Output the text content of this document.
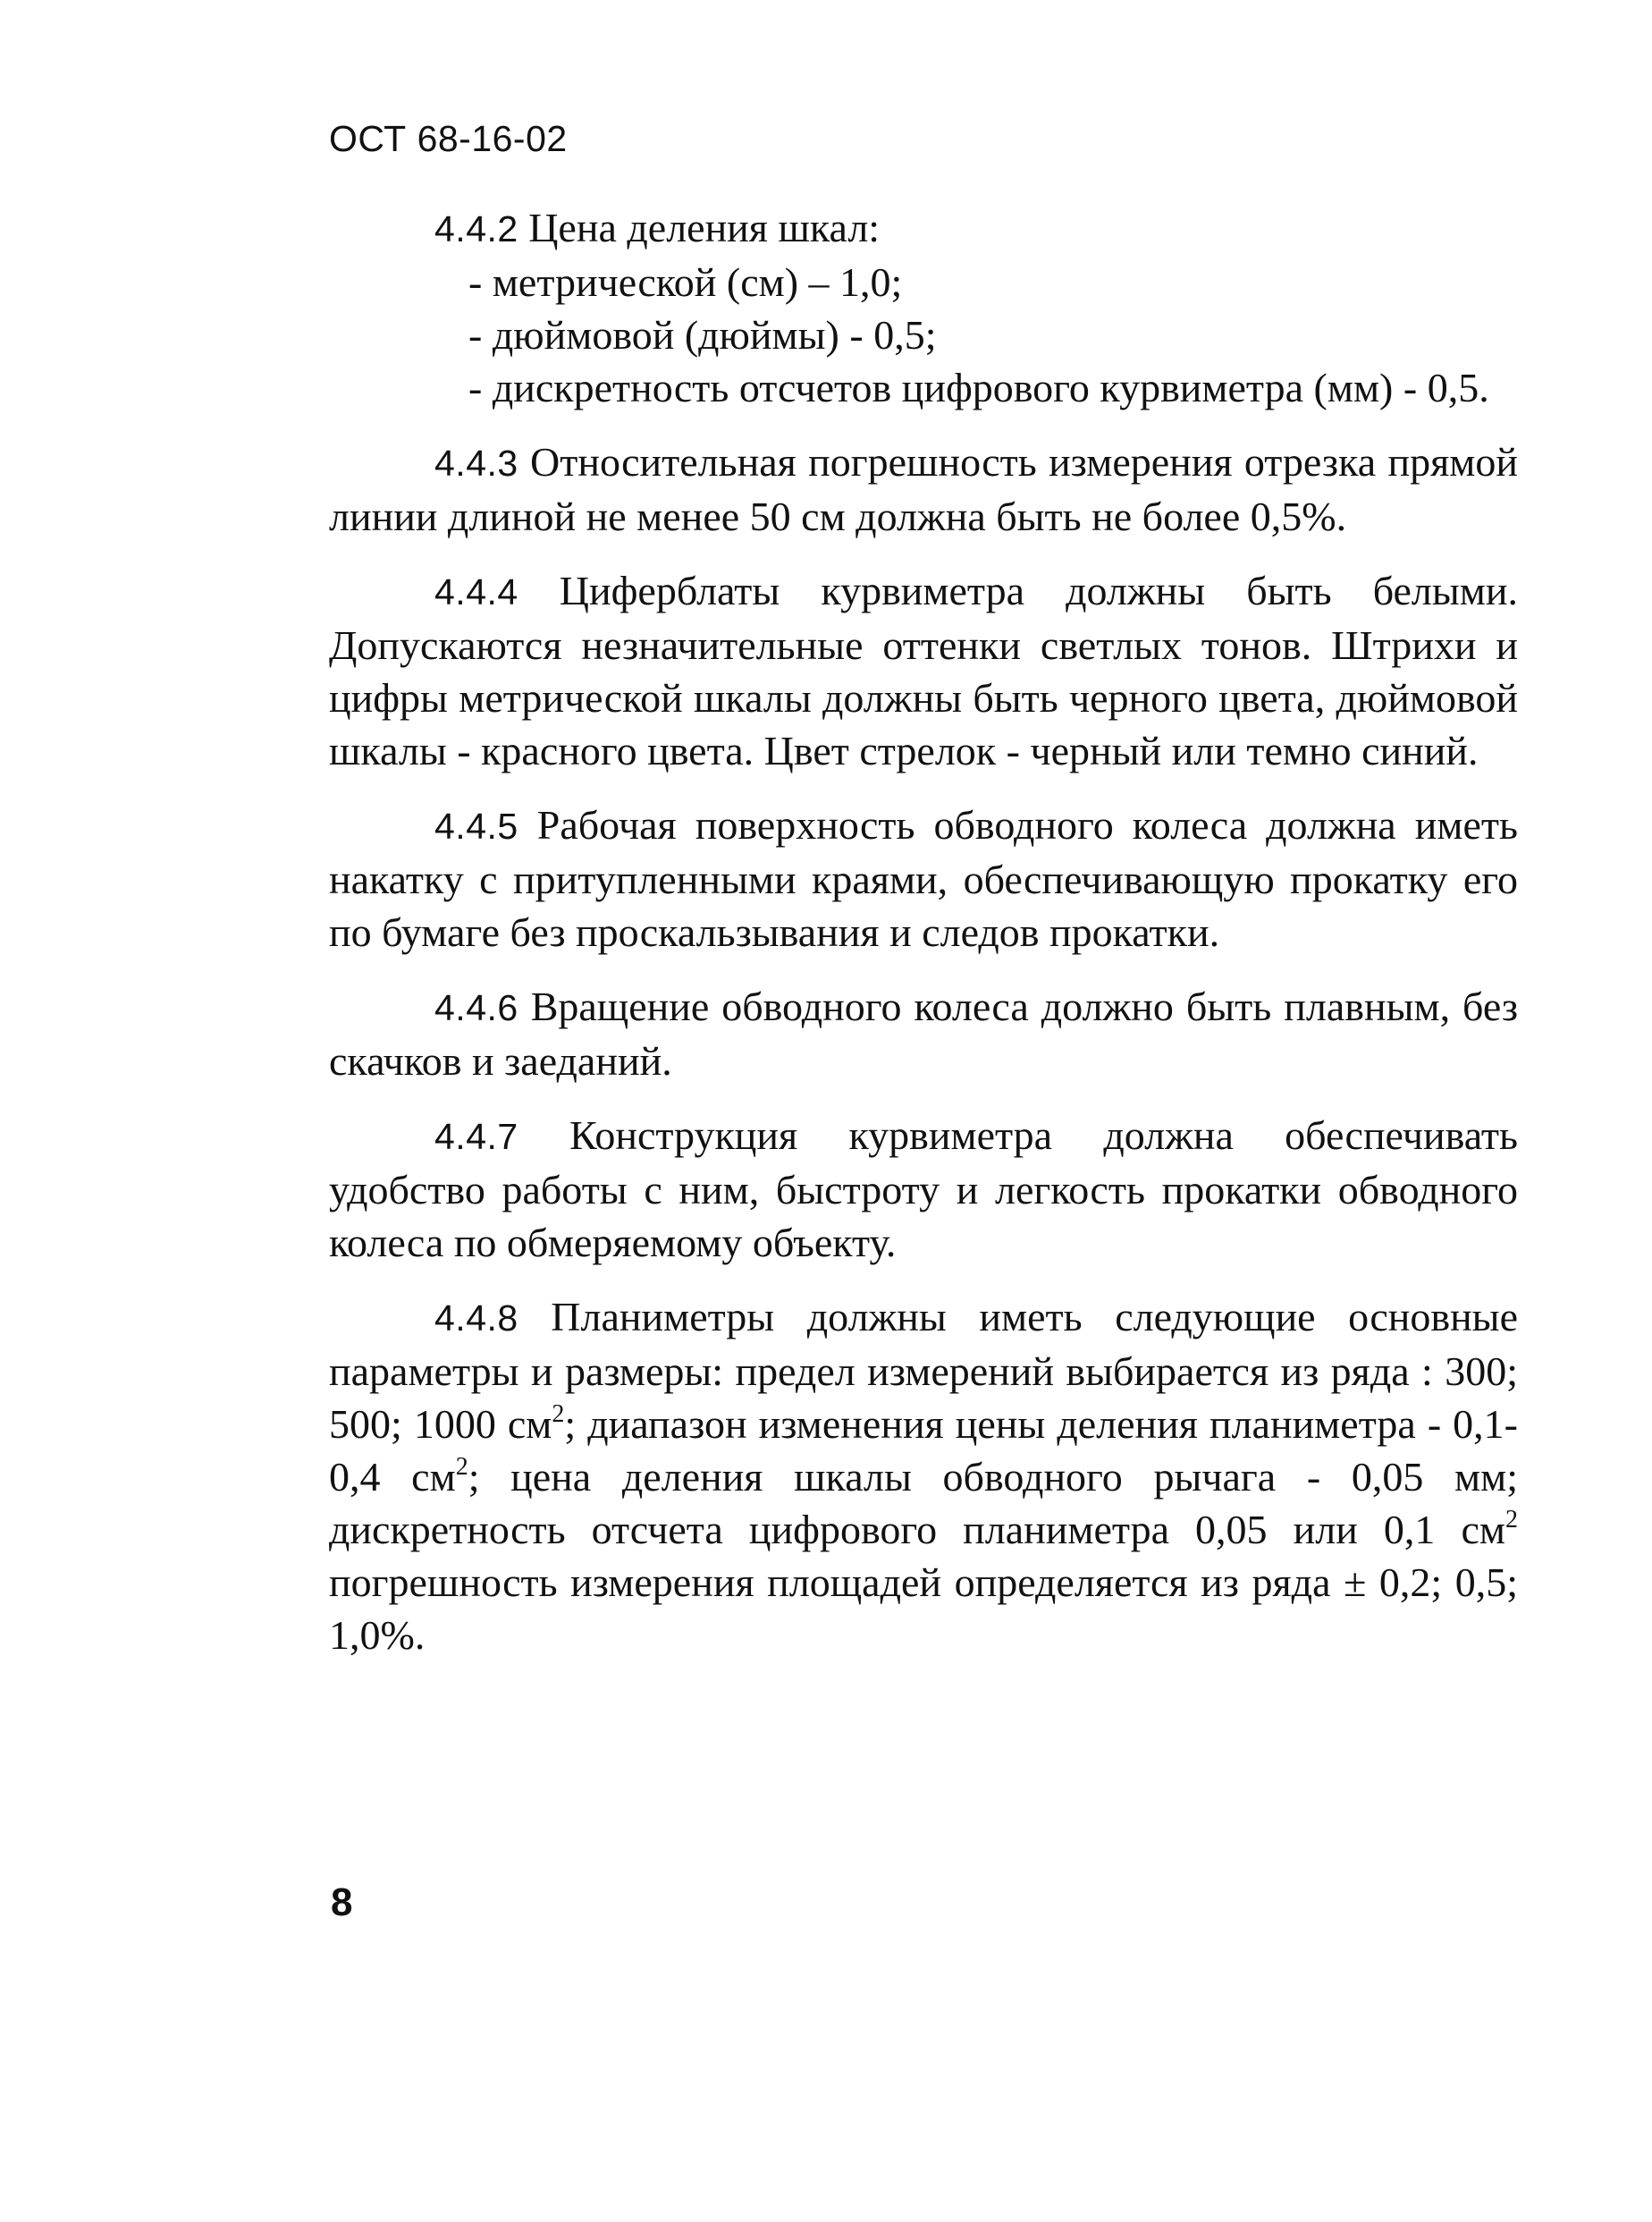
ОСТ 68-16-02

4.4.2 Цена деления шкал:

- метрической (см) – 1,0;
- дюймовой (дюймы) - 0,5;
- дискретность отсчетов цифрового курвиметра (мм) - 0,5.

4.4.3 Относительная погрешность измерения отрезка прямой линии длиной не менее 50 см должна быть не более 0,5%.

4.4.4 Циферблаты курвиметра должны быть белыми. Допускаются незначительные оттенки светлых тонов. Штрихи и цифры метрической шкалы должны быть черного цвета, дюймовой шкалы - красного цвета. Цвет стрелок - черный или темно синий.

4.4.5 Рабочая поверхность обводного колеса должна иметь накатку с притупленными краями, обеспечивающую прокатку его по бумаге без проскальзывания и следов прокатки.

4.4.6 Вращение обводного колеса должно быть плавным, без скачков и заеданий.

4.4.7 Конструкция курвиметра должна обеспечивать удобство работы с ним, быстроту и легкость прокатки обводного колеса по обмеряемому объекту.

4.4.8 Планиметры должны иметь следующие основные параметры и размеры: предел измерений выбирается из ряда : 300; 500; 1000 $см^2$; диапазон изменения цены деления планиметра - 0,1-0,4 $см^2$; цена деления шкалы обводного рычага - 0,05 мм; дискретность отсчета цифрового планиметра 0,05 или 0,1 $см^2$ погрешность измерения площадей определяется из ряда ± 0,2; 0,5; 1,0%.

8
